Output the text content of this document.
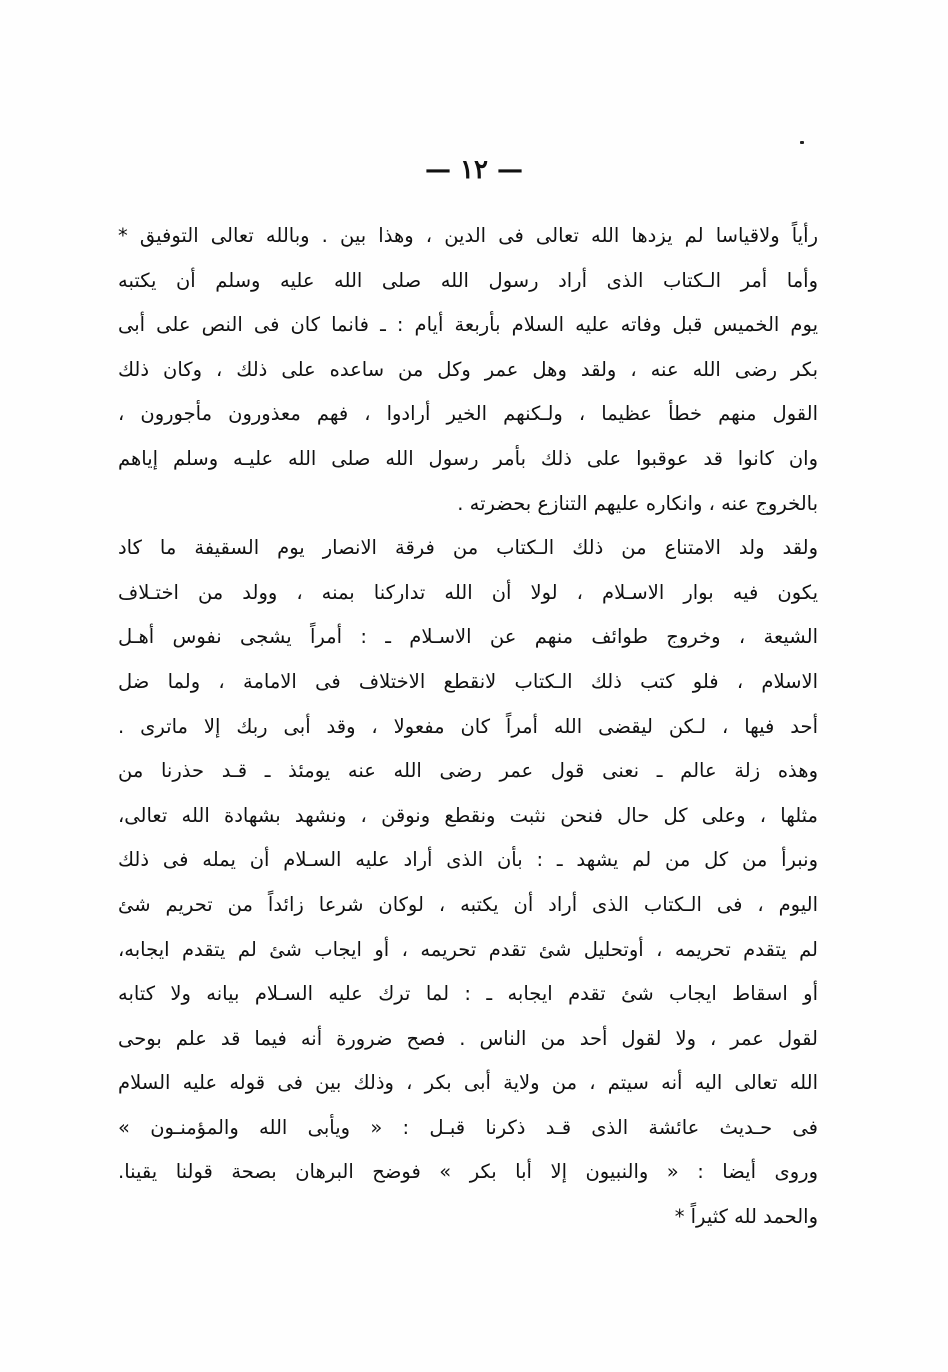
— ١٢ —
رأياً ولاقياسا لم يزدها الله تعالى فى الدين ، وهذا بين . وبالله تعالى التوفيق *
وأما أمر الـكتاب الذى أراد رسول الله صلى الله عليه وسلم أن يكتبه
يوم الخميس قبل وفاته عليه السلام بأربعة أيام : ـ فانما كان فى النص على أبى
بكر رضى الله عنه ، ولقد وهل عمر وكل من ساعده على ذلك ، وكان ذلك
القول منهم خطأ عظيما ، ولـكنهم الخير أرادوا ، فهم معذورون مأجورون ،
وان كانوا قد عوقبوا على ذلك بأمر رسول الله صلى الله عليـه وسلم إياهم
بالخروج عنه ، وانكاره عليهم التنازع بحضرته .
ولقد ولد الامتناع من ذلك الـكتاب من فرقة الانصار يوم السقيفة ما كاد
يكون فيه بوار الاسـلام ، لولا أن الله تداركنا بمنه ، وولد من اختـلاف
الشيعة ، وخروج طوائف منهم عن الاسـلام ـ : أمراً يشجى نفوس أهـل
الاسلام ، فلو كتب ذلك الـكتاب لانقطع الاختلاف فى الامامة ، ولما ضل
أحد فيها ، لـكن ليقضى الله أمراً كان مفعولا ، وقد أبى ربك إلا ماترى .
وهذه زلة عالم ـ نعنى قول عمر رضى الله عنه يومئذ ـ قـد حذرنا من
مثلها ، وعلى كل حال فنحن نثبت ونقطع ونوقن ، ونشهد بشهادة الله تعالى،
ونبرأ من كل من لم يشهد ـ : بأن الذى أراد عليه السـلام أن يمله فى ذلك
اليوم ، فى الـكتاب الذى أراد أن يكتبه ، لوكان شرعا زائداً من تحريم شئ
لم يتقدم تحريمه ، أوتحليل شئ تقدم تحريمه ، أو ايجاب شئ لم يتقدم ايجابه،
أو اسقاط ايجاب شئ تقدم ايجابه ـ : لما ترك عليه السـلام بيانه ولا كتابه
لقول عمر ، ولا لقول أحد من الناس . فصح ضرورة أنه فيما قد علم بوحى
الله تعالى اليه أنه سيتم ، من ولاية أبى بكر ، وذلك بين فى قوله عليه السلام
فى حـديث عائشة الذى قـد ذكرنا قبـل : « ويأبى الله والمؤمنـون »
وروى أيضا : « والنبيون إلا أبا بكر » فوضح البرهان بصحة قولنا يقينا.
والحمد لله كثيراً *
